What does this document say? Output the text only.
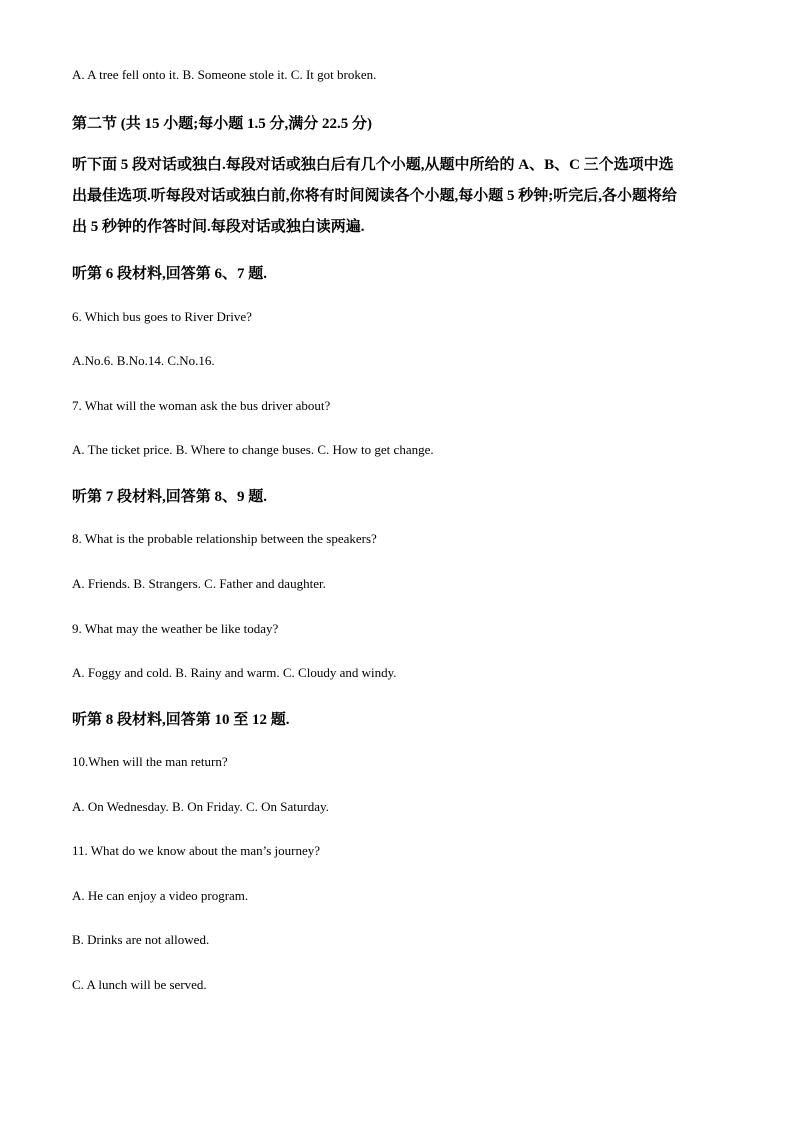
A. A tree fell onto it. B. Someone stole it. C. It got broken.
第二节 (共 15 小题;每小题 1.5 分,满分 22.5 分)
听下面 5 段对话或独白.每段对话或独白后有几个小题,从题中所给的 A、B、C 三个选项中选
出最佳选项.听每段对话或独白前,你将有时间阅读各个小题,每小题 5 秒钟;听完后,各小题将给
出 5 秒钟的作答时间.每段对话或独白读两遍.
听第 6 段材料,回答第 6、7 题.
6. Which bus goes to River Drive?
A.No.6. B.No.14. C.No.16.
7. What will the woman ask the bus driver about?
A. The ticket price. B. Where to change buses. C. How to get change.
听第 7 段材料,回答第 8、9 题.
8. What is the probable relationship between the speakers?
A. Friends. B. Strangers. C. Father and daughter.
9. What may the weather be like today?
A. Foggy and cold. B. Rainy and warm. C. Cloudy and windy.
听第 8 段材料,回答第 10 至 12 题.
10.When will the man return?
A. On Wednesday. B. On Friday. C. On Saturday.
11. What do we know about the man’s journey?
A. He can enjoy a video program.
B. Drinks are not allowed.
C. A lunch will be served.
